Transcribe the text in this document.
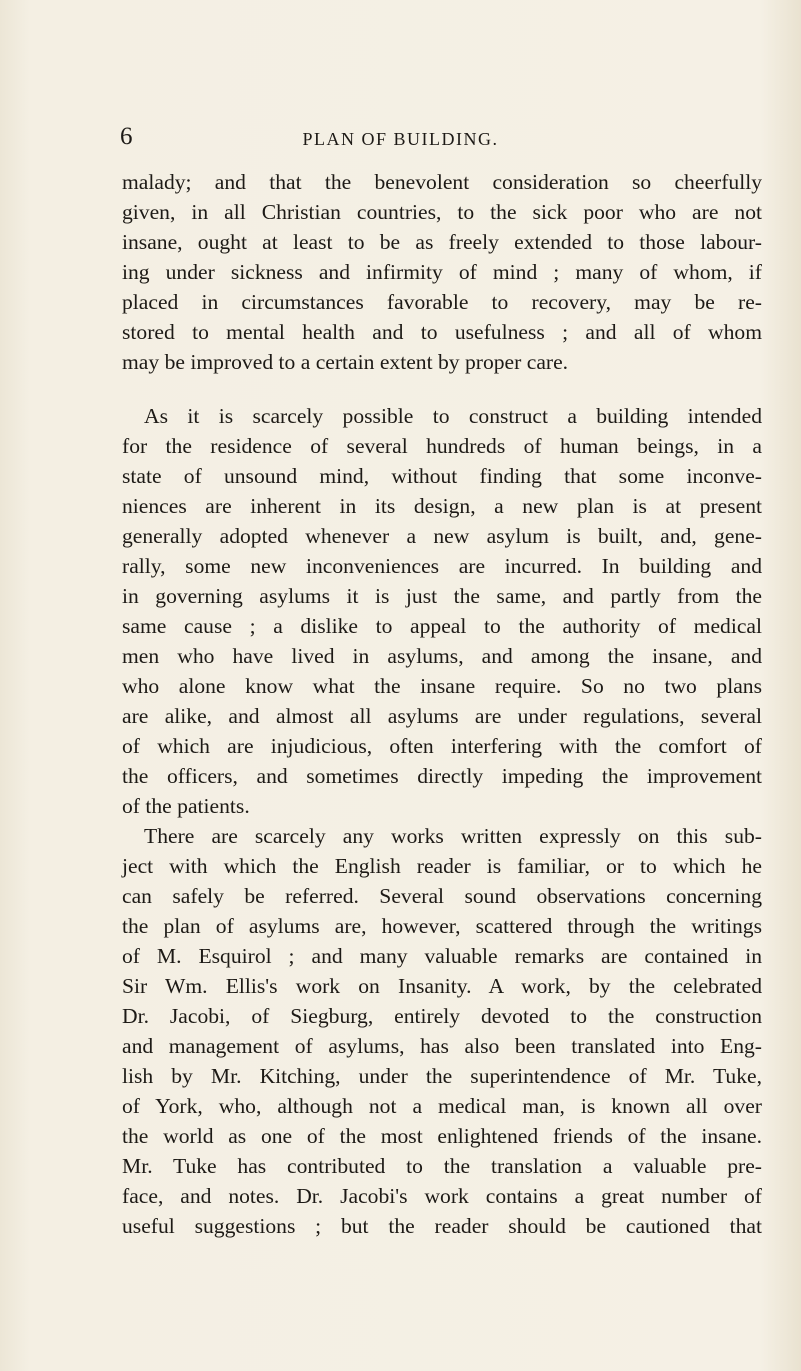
6	PLAN OF BUILDING.

malady; and that the benevolent consideration so cheerfully

given, in all Christian countries, to the sick poor who are not

insane, ought at least to be as freely extended to those labour-

ing under sickness and infirmity of mind ; many of whom, if

placed in circumstances favorable to recovery, may be re-

stored to mental health and to usefulness ; and all of whom

may be improved to a certain extent by proper care.

As it is scarcely possible to construct a building intended

for the residence of several hundreds of human beings, in a

state of unsound mind, without finding that some inconve-

niences are inherent in its design, a new plan is at present

generally adopted whenever a new asylum is built, and, gene-

rally, some new inconveniences are incurred. In building and

in governing asylums it is just the same, and partly from the

same cause ; a dislike to appeal to the authority of medical

men who have lived in asylums, and among the insane, and

who alone know what the insane require. So no two plans

are alike, and almost all asylums are under regulations, several

of which are injudicious, often interfering with the comfort of

the officers, and sometimes directly impeding the improvement

of the patients.

There are scarcely any works written expressly on this sub-

ject with which the English reader is familiar, or to which he

can safely be referred. Several sound observations concerning

the plan of asylums are, however, scattered through the writings

of M. Esquirol ; and many valuable remarks are contained in

Sir Wm. Ellis's work on Insanity. A work, by the celebrated

Dr. Jacobi, of Siegburg, entirely devoted to the construction

and management of asylums, has also been translated into Eng-

lish by Mr. Kitching, under the superintendence of Mr. Tuke,

of York, who, although not a medical man, is known all over

the world as one of the most enlightened friends of the insane.

Mr. Tuke has contributed to the translation a valuable pre-

face, and notes. Dr. Jacobi's work contains a great number of

useful suggestions ; but the reader should be cautioned that
